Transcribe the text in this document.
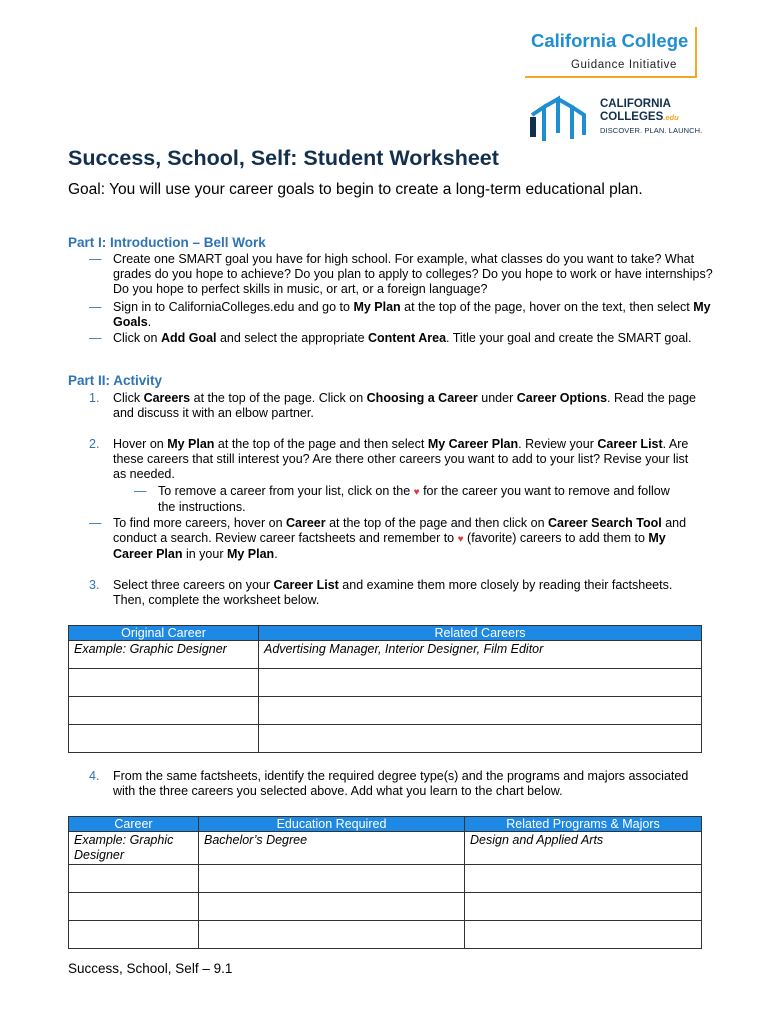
California College
Guidance Initiative
CALIFORNIA
COLLEGES.edu
DISCOVER. PLAN. LAUNCH.
Success, School, Self: Student Worksheet
Goal: You will use your career goals to begin to create a long-term educational plan.
Part I: Introduction – Bell Work
— Create one SMART goal you have for high school. For example, what classes do you want to take? What grades do you hope to achieve? Do you plan to apply to colleges? Do you hope to work or have internships? Do you hope to perfect skills in music, or art, or a foreign language?
— Sign in to CaliforniaColleges.edu and go to My Plan at the top of the page, hover on the text, then select My Goals.
— Click on Add Goal and select the appropriate Content Area. Title your goal and create the SMART goal.
Part II: Activity
1. Click Careers at the top of the page. Click on Choosing a Career under Career Options. Read the page and discuss it with an elbow partner.
2. Hover on My Plan at the top of the page and then select My Career Plan. Review your Career List. Are these careers that still interest you? Are there other careers you want to add to your list? Revise your list as needed.
— To remove a career from your list, click on the ♥ for the career you want to remove and follow the instructions.
— To find more careers, hover on Career at the top of the page and then click on Career Search Tool and conduct a search. Review career factsheets and remember to ♥ (favorite) careers to add them to My Career Plan in your My Plan.
3. Select three careers on your Career List and examine them more closely by reading their factsheets. Then, complete the worksheet below.
Original Career	Related Careers
Example: Graphic Designer	Advertising Manager, Interior Designer, Film Editor

4. From the same factsheets, identify the required degree type(s) and the programs and majors associated with the three careers you selected above. Add what you learn to the chart below.
Career	Education Required	Related Programs & Majors
Example: Graphic Designer	Bachelor’s Degree	Design and Applied Arts

Success, School, Self – 9.1
